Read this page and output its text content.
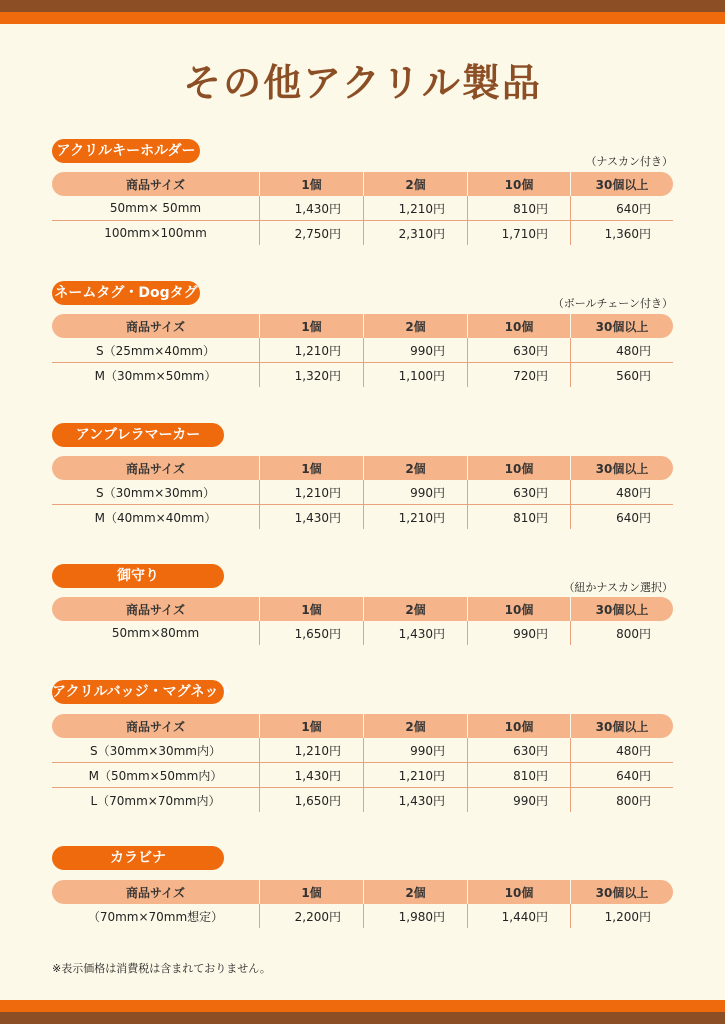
その他アクリル製品
アクリルキーホルダー
（ナスカン付き）
商品サイズ	1個	2個	10個	30個以上
50mm× 50mm	1,430円	1,210円	810円	640円
100mm×100mm	2,750円	2,310円	1,710円	1,360円
ネームタグ・Dogタグ
（ボールチェーン付き）
商品サイズ	1個	2個	10個	30個以上
S（25mm×40mm）	1,210円	990円	630円	480円
M（30mm×50mm）	1,320円	1,100円	720円	560円
アンブレラマーカー
商品サイズ	1個	2個	10個	30個以上
S（30mm×30mm）	1,210円	990円	630円	480円
M（40mm×40mm）	1,430円	1,210円	810円	640円
御守り
（紐かナスカン選択）
商品サイズ	1個	2個	10個	30個以上
50mm×80mm	1,650円	1,430円	990円	800円
アクリルバッジ・マグネット
商品サイズ	1個	2個	10個	30個以上
S（30mm×30mm内）	1,210円	990円	630円	480円
M（50mm×50mm内）	1,430円	1,210円	810円	640円
L（70mm×70mm内）	1,650円	1,430円	990円	800円
カラビナ
商品サイズ	1個	2個	10個	30個以上
（70mm×70mm想定）	2,200円	1,980円	1,440円	1,200円
※表示価格は消費税は含まれておりません。
